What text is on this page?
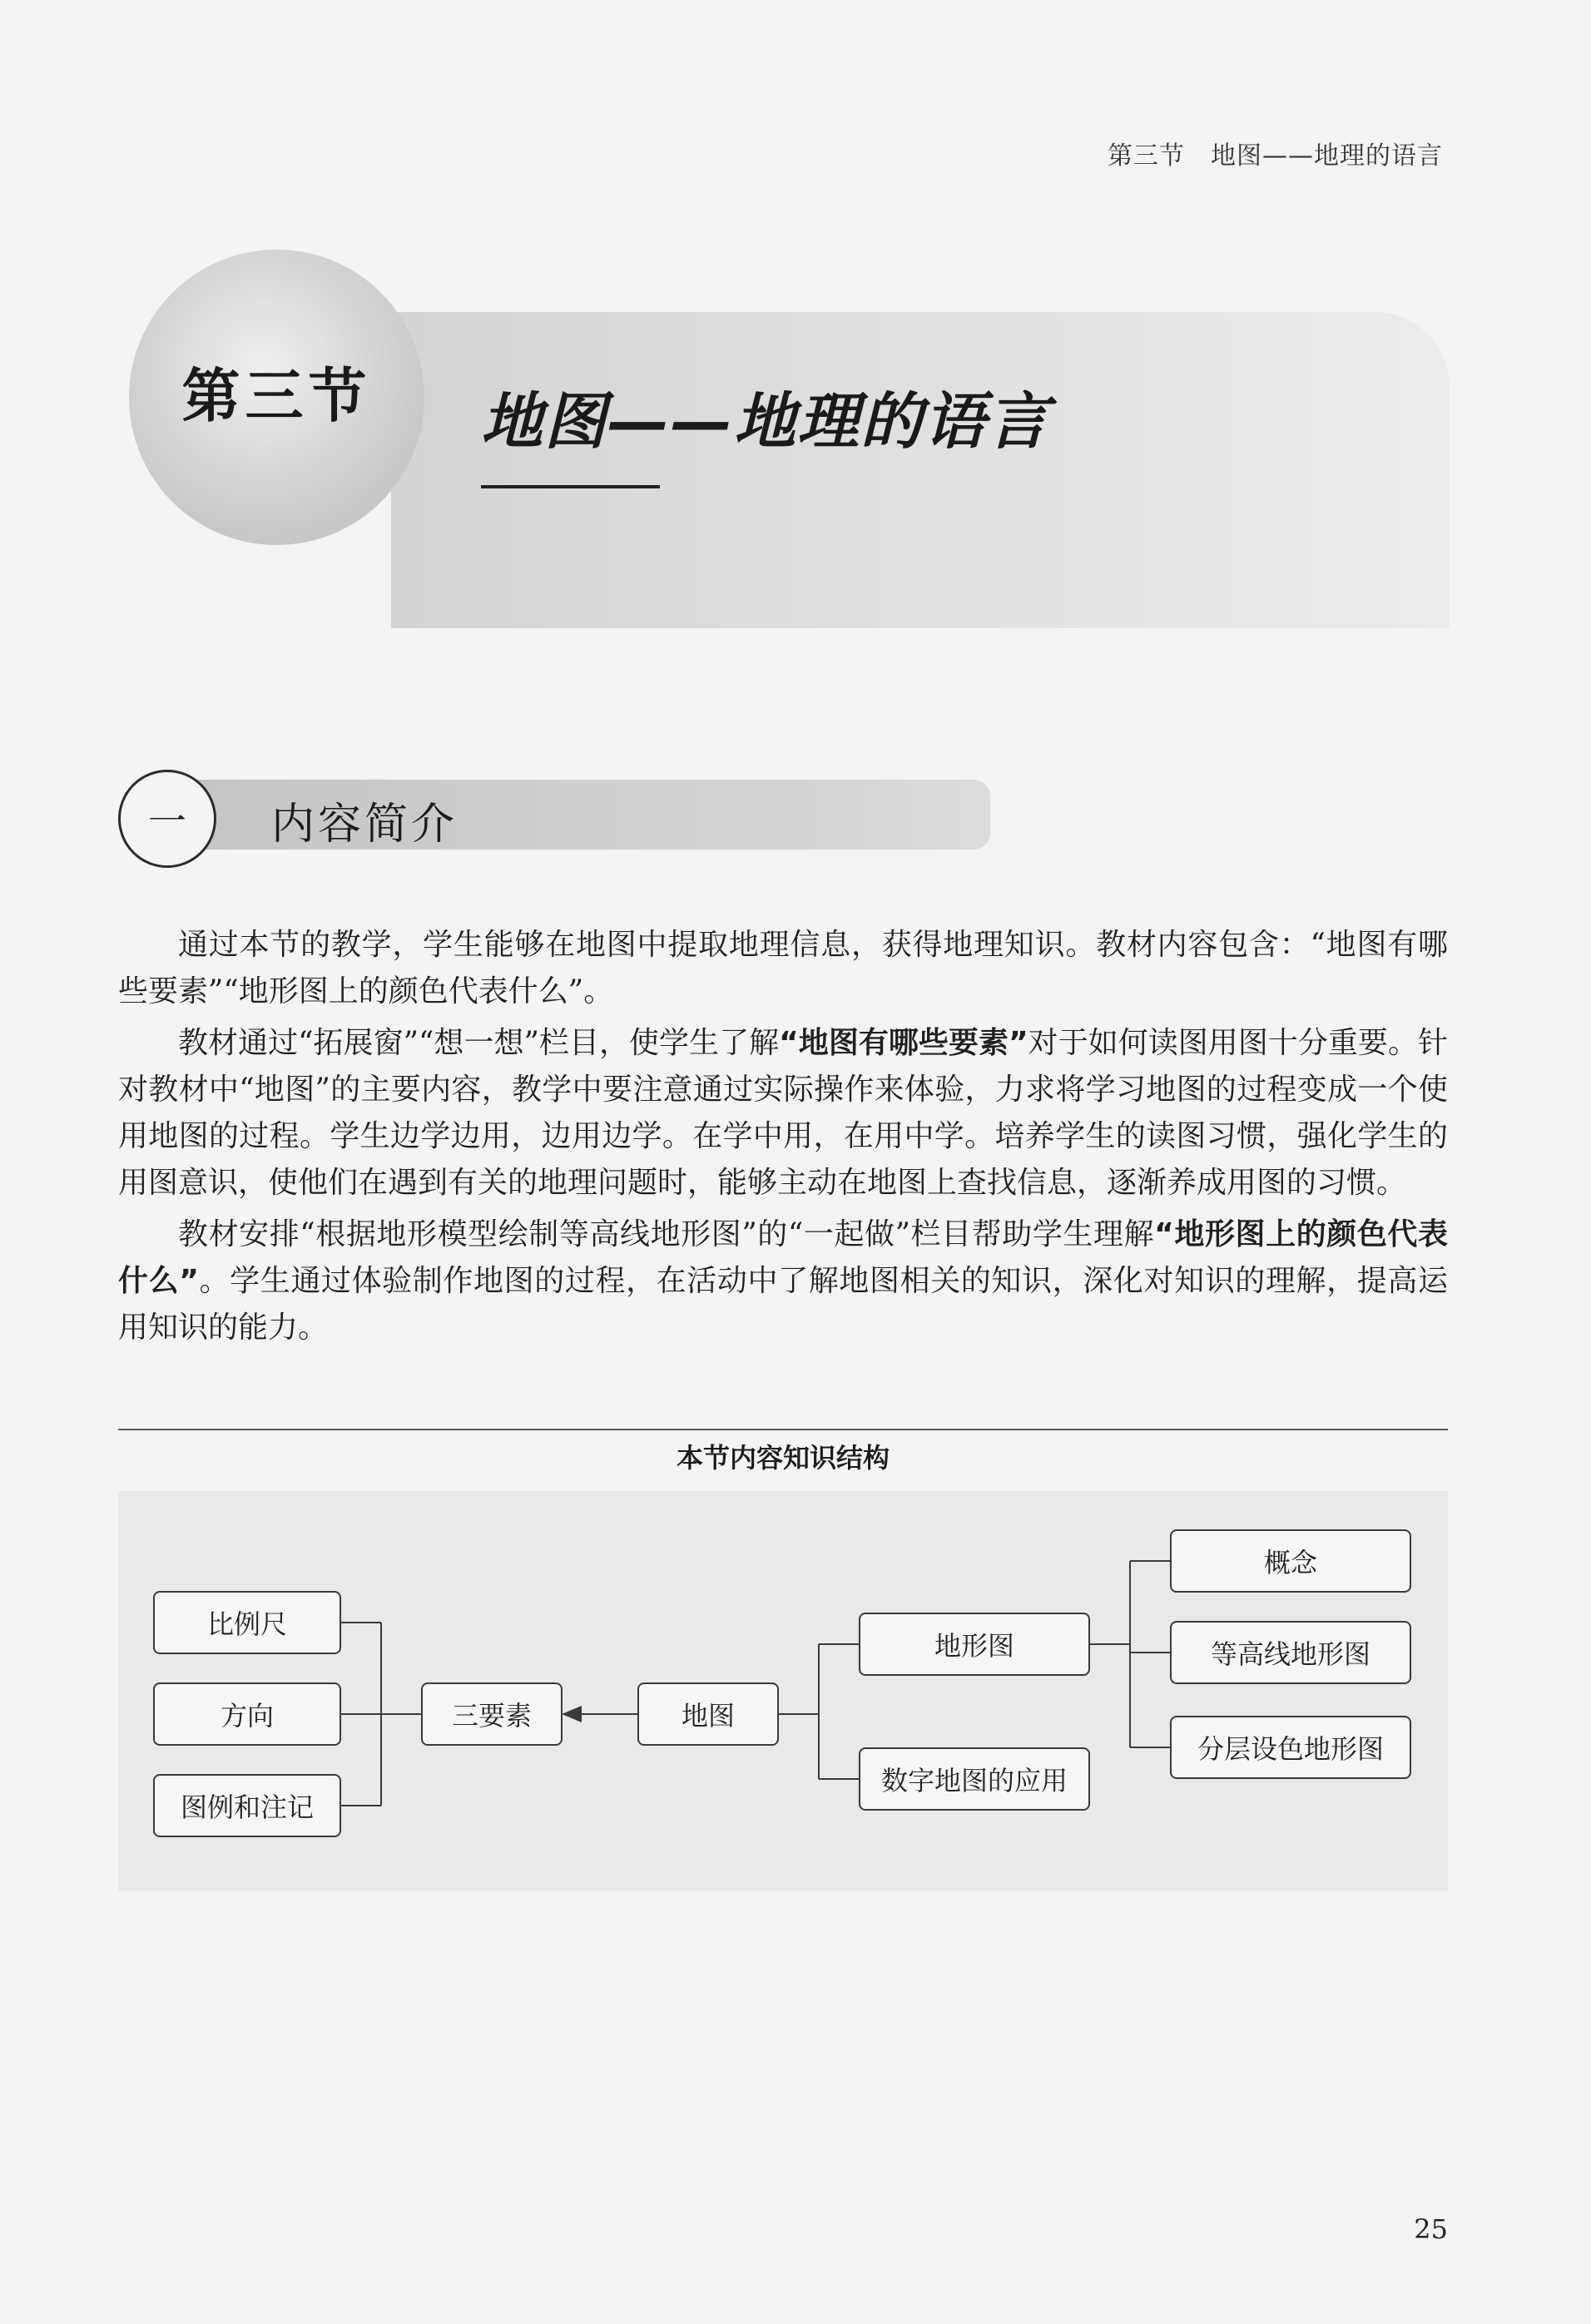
第三节　地图——地理的语言
第三节	地图——地理的语言
一	内容简介

通过本节的教学，学生能够在地图中提取地理信息，获得地理知识。教材内容包含：“地图有哪些要素”“地形图上的颜色代表什么”。

教材通过“拓展窗”“想一想”栏目，使学生了解“地图有哪些要素”对于如何读图用图十分重要。针对教材中“地图”的主要内容，教学中要注意通过实际操作来体验，力求将学习地图的过程变成一个使用地图的过程。学生边学边用，边用边学。在学中用，在用中学。培养学生的读图习惯，强化学生的用图意识，使他们在遇到有关的地理问题时，能够主动在地图上查找信息，逐渐养成用图的习惯。

教材安排“根据地形模型绘制等高线地形图”的“一起做”栏目帮助学生理解“地形图上的颜色代表什么”。学生通过体验制作地图的过程，在活动中了解地图相关的知识，深化对知识的理解，提高运用知识的能力。

本节内容知识结构
比例尺
方向
图例和注记
三要素	地图
地形图
数字地图的应用
概念
等高线地形图
分层设色地形图
25
